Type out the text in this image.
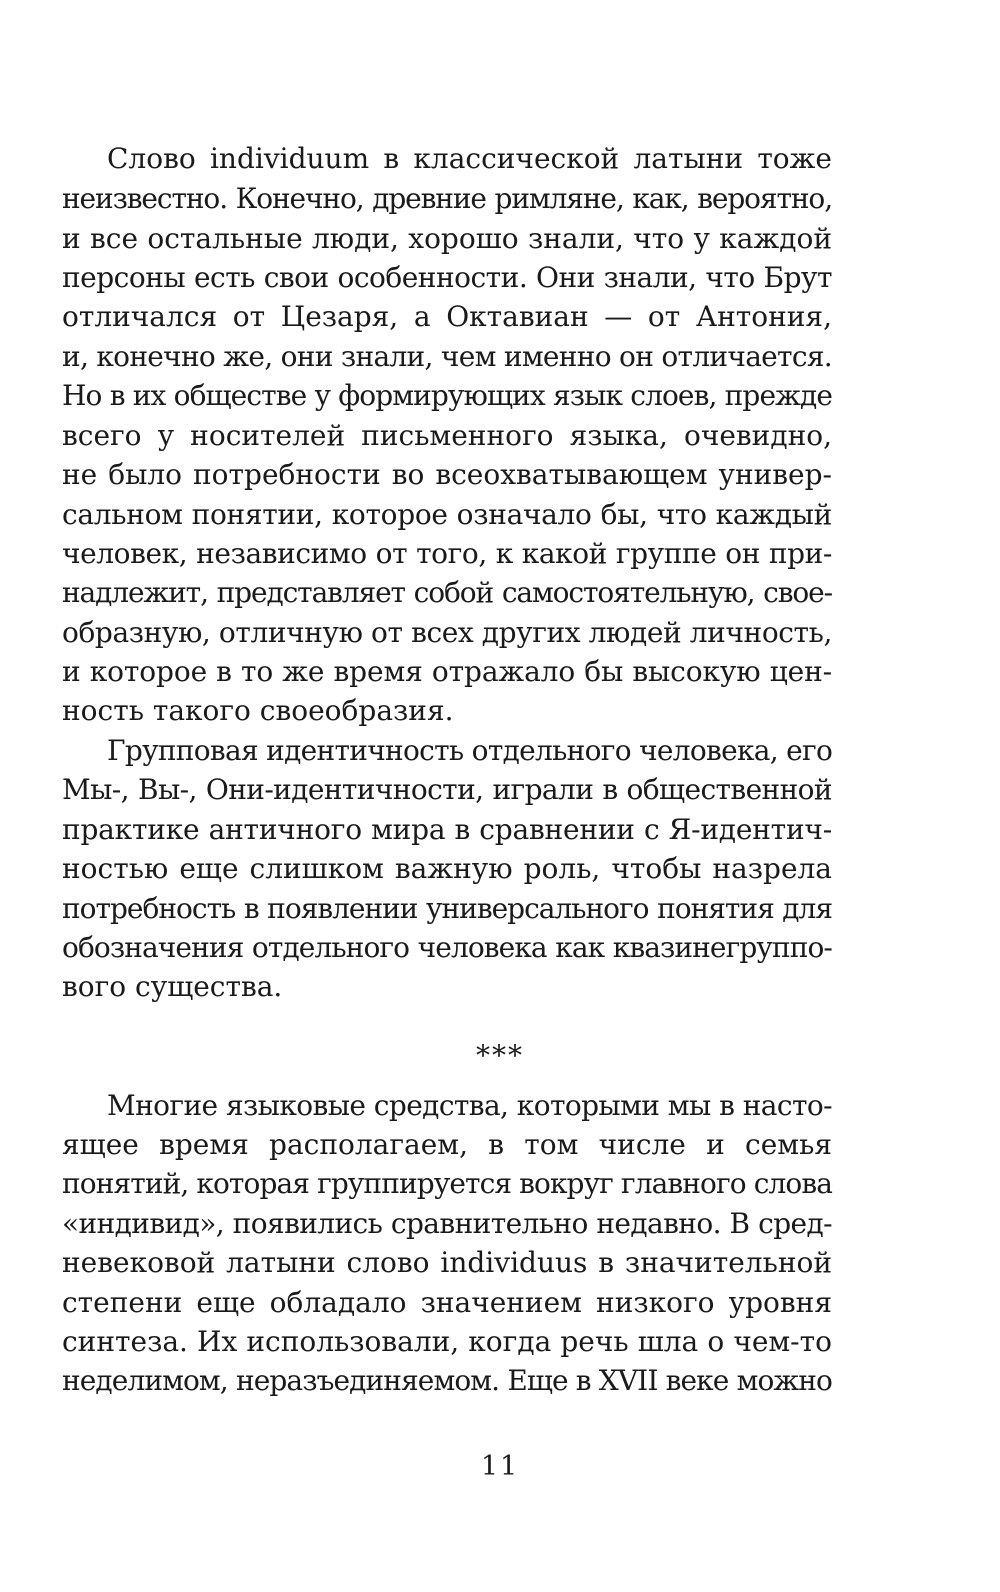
Слово individuum в классической латыни тоже
неизвестно. Конечно, древние римляне, как, вероятно,
и все остальные люди, хорошо знали, что у каждой
персоны есть свои особенности. Они знали, что Брут
отличался от Цезаря, а Октавиан — от Антония,
и, конечно же, они знали, чем именно он отличается.
Но в их обществе у формирующих язык слоев, прежде
всего у носителей письменного языка, очевидно,
не было потребности во всеохватывающем универ-
сальном понятии, которое означало бы, что каждый
человек, независимо от того, к какой группе он при-
надлежит, представляет собой самостоятельную, свое-
образную, отличную от всех других людей личность,
и которое в то же время отражало бы высокую цен-
ность такого своеобразия.
Групповая идентичность отдельного человека, его
Мы-, Вы-, Они-идентичности, играли в общественной
практике античного мира в сравнении с Я-идентич-
ностью еще слишком важную роль, чтобы назрела
потребность в появлении универсального понятия для
обозначения отдельного человека как квазинегруппо-
вого существа.
***
Многие языковые средства, которыми мы в насто-
ящее время располагаем, в том числе и семья
понятий, которая группируется вокруг главного слова
«индивид», появились сравнительно недавно. В сред-
невековой латыни слово individuus в значительной
степени еще обладало значением низкого уровня
синтеза. Их использовали, когда речь шла о чем-то
неделимом, неразъединяемом. Еще в XVII веке можно
11
